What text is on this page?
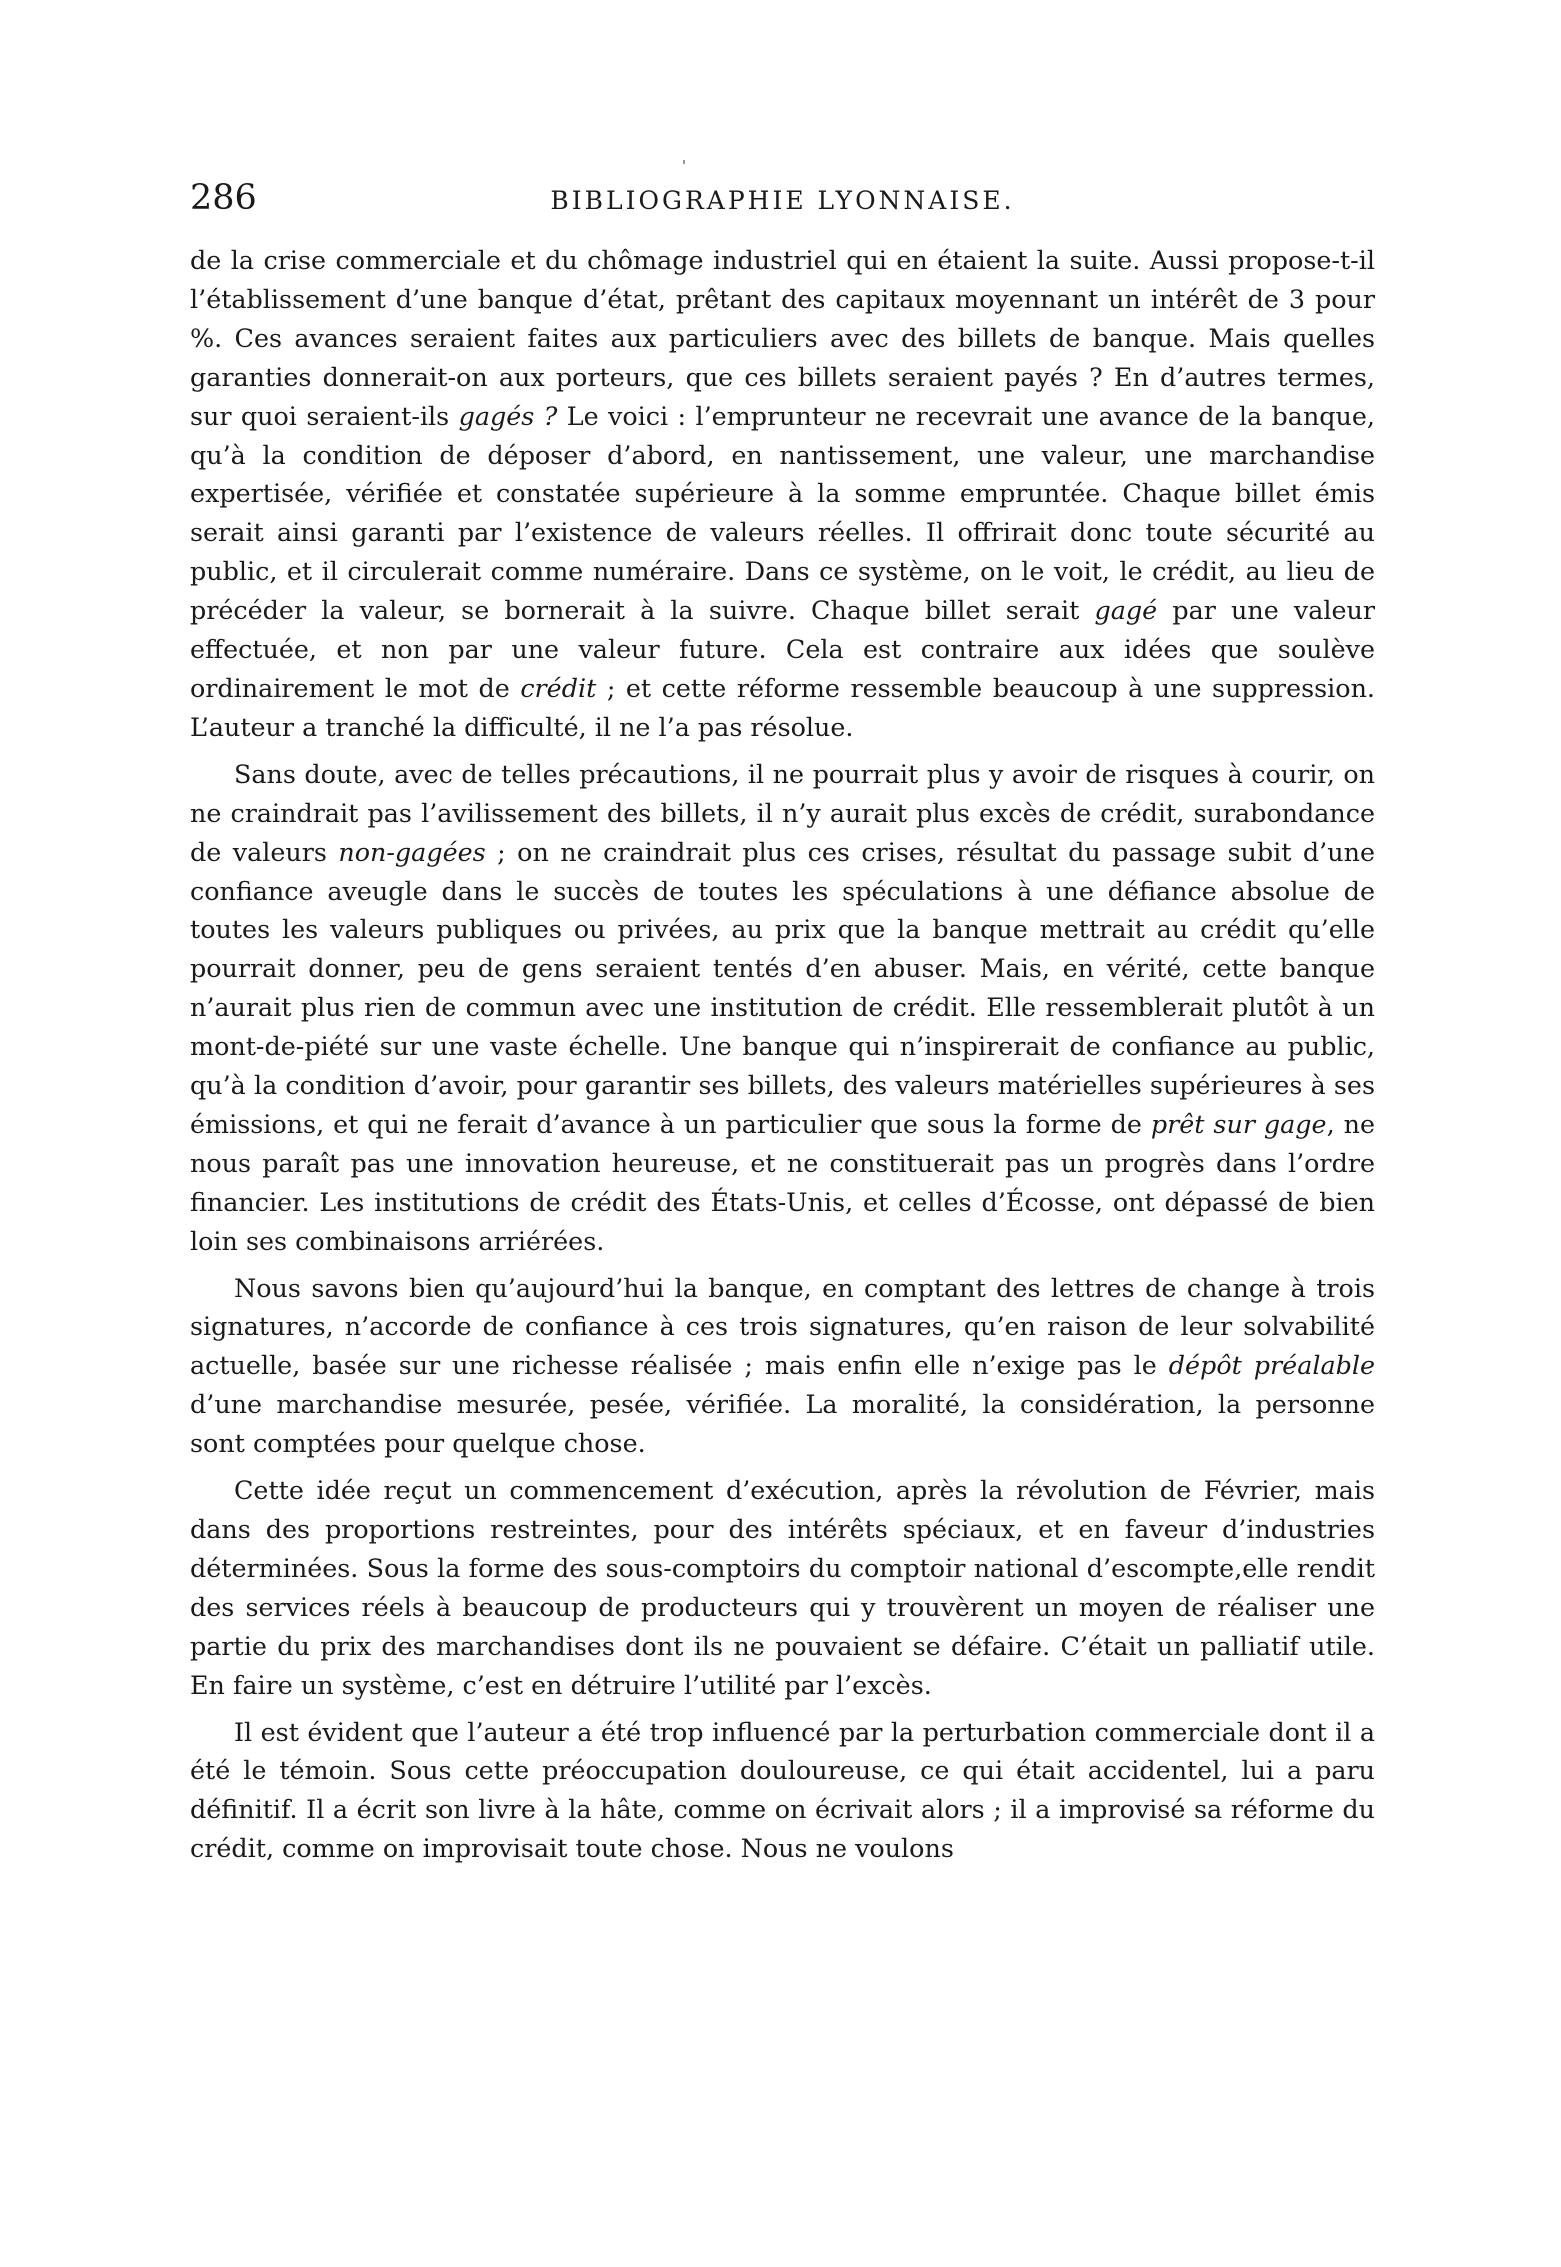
286	BIBLIOGRAPHIE LYONNAISE.

de la crise commerciale et du chômage industriel qui en étaient la suite. Aussi propose-t-il l’établissement d’une banque d’état, prêtant des capitaux moyennant un intérêt de 3 pour %. Ces avances seraient faites aux particuliers avec des billets de banque. Mais quelles garanties donnerait-on aux porteurs, que ces billets seraient payés ? En d’autres termes, sur quoi seraient-ils gagés ? Le voici : l’emprunteur ne recevrait une avance de la banque, qu’à la condition de déposer d’abord, en nantissement, une valeur, une marchandise expertisée, vérifiée et constatée supérieure à la somme empruntée. Chaque billet émis serait ainsi garanti par l’existence de valeurs réelles. Il offrirait donc toute sécurité au public, et il circulerait comme numéraire. Dans ce système, on le voit, le crédit, au lieu de précéder la valeur, se bornerait à la suivre. Chaque billet serait gagé par une valeur effectuée, et non par une valeur future. Cela est contraire aux idées que soulève ordinairement le mot de crédit ; et cette réforme ressemble beaucoup à une suppression. L’auteur a tranché la difficulté, il ne l’a pas résolue.

Sans doute, avec de telles précautions, il ne pourrait plus y avoir de risques à courir, on ne craindrait pas l’avilissement des billets, il n’y aurait plus excès de crédit, surabondance de valeurs non-gagées ; on ne craindrait plus ces crises, résultat du passage subit d’une confiance aveugle dans le succès de toutes les spéculations à une défiance absolue de toutes les valeurs publiques ou privées, au prix que la banque mettrait au crédit qu’elle pourrait donner, peu de gens seraient tentés d’en abuser. Mais, en vérité, cette banque n’aurait plus rien de commun avec une institution de crédit. Elle ressemblerait plutôt à un mont-de-piété sur une vaste échelle. Une banque qui n’inspirerait de confiance au public, qu’à la condition d’avoir, pour garantir ses billets, des valeurs matérielles supérieures à ses émissions, et qui ne ferait d’avance à un particulier que sous la forme de prêt sur gage, ne nous paraît pas une innovation heureuse, et ne constituerait pas un progrès dans l’ordre financier. Les institutions de crédit des États-Unis, et celles d’Écosse, ont dépassé de bien loin ses combinaisons arriérées.

Nous savons bien qu’aujourd’hui la banque, en comptant des lettres de change à trois signatures, n’accorde de confiance à ces trois signatures, qu’en raison de leur solvabilité actuelle, basée sur une richesse réalisée ; mais enfin elle n’exige pas le dépôt préalable d’une marchandise mesurée, pesée, vérifiée. La moralité, la considération, la personne sont comptées pour quelque chose.

Cette idée reçut un commencement d’exécution, après la révolution de Février, mais dans des proportions restreintes, pour des intérêts spéciaux, et en faveur d’industries déterminées. Sous la forme des sous-comptoirs du comptoir national d’escompte,elle rendit des services réels à beaucoup de producteurs qui y trouvèrent un moyen de réaliser une partie du prix des marchandises dont ils ne pouvaient se défaire. C’était un palliatif utile. En faire un système, c’est en détruire l’utilité par l’excès.

Il est évident que l’auteur a été trop influencé par la perturbation commerciale dont il a été le témoin. Sous cette préoccupation douloureuse, ce qui était accidentel, lui a paru définitif. Il a écrit son livre à la hâte, comme on écrivait alors ; il a improvisé sa réforme du crédit, comme on improvisait toute chose. Nous ne voulons
